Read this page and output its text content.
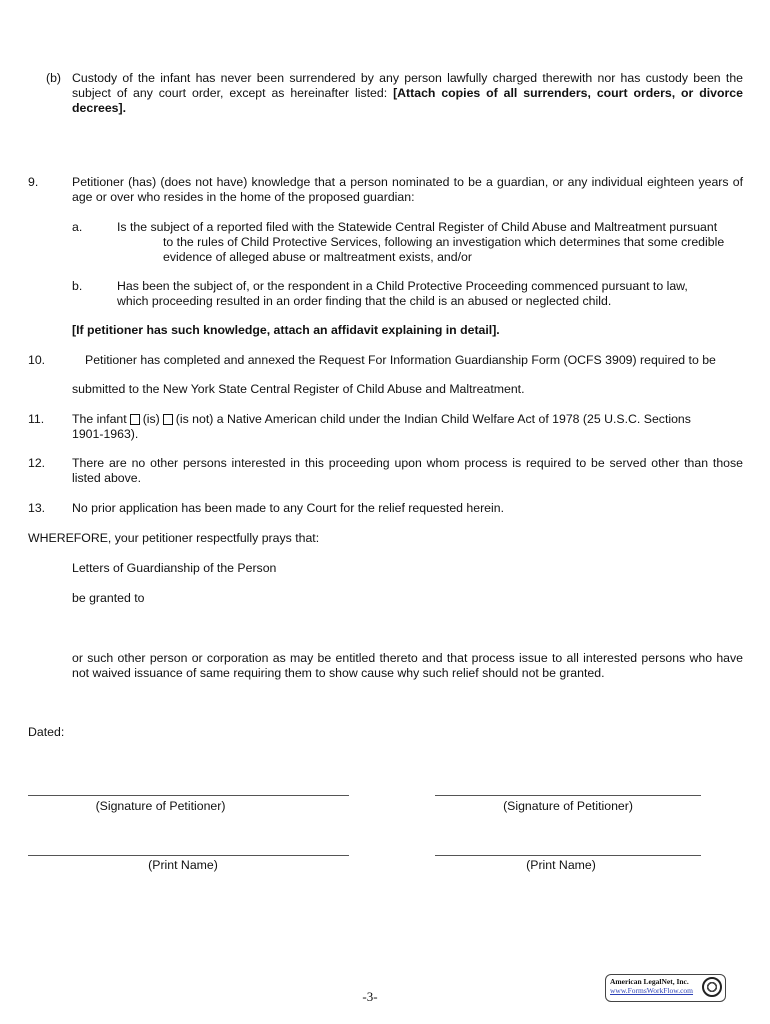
(b) Custody of the infant has never been surrendered by any person lawfully charged therewith nor has custody been the subject of any court order, except as hereinafter listed: [Attach copies of all surrenders, court orders, or divorce decrees].
9.	Petitioner (has) (does not have) knowledge that a person nominated to be a guardian, or any individual eighteen years of age or over who resides in the home of the proposed guardian:
a.	Is the subject of a reported filed with the Statewide Central Register of Child Abuse and Maltreatment pursuant
to the rules of Child Protective Services, following an investigation which determines that some credible
evidence of alleged abuse or maltreatment exists, and/or
b.	Has been the subject of, or the respondent in a Child Protective Proceeding commenced pursuant to law, which proceeding resulted in an order finding that the child is an abused or neglected child.
[If petitioner has such knowledge, attach an affidavit explaining in detail].
10.	Petitioner has completed and annexed the Request For Information Guardianship Form (OCFS 3909) required to be
submitted to the New York State Central Register of Child Abuse and Maltreatment.
11. The infant (is) (is not) a Native American child under the Indian Child Welfare Act of 1978 (25 U.S.C. Sections
1901-1963).
12. There are no other persons interested in this proceeding upon whom process is required to be served other than those listed above.
13. No prior application has been made to any Court for the relief requested herein.
WHEREFORE, your petitioner respectfully prays that:
Letters of Guardianship of the Person
be granted to
or such other person or corporation as may be entitled thereto and that process issue to all interested persons who have not waived issuance of same requiring them to show cause why such relief should not be granted.
Dated:
(Signature of Petitioner)	(Signature of Petitioner)
(Print Name)	(Print Name)
-3-
American LegalNet, Inc.
www.FormsWorkFlow.com
